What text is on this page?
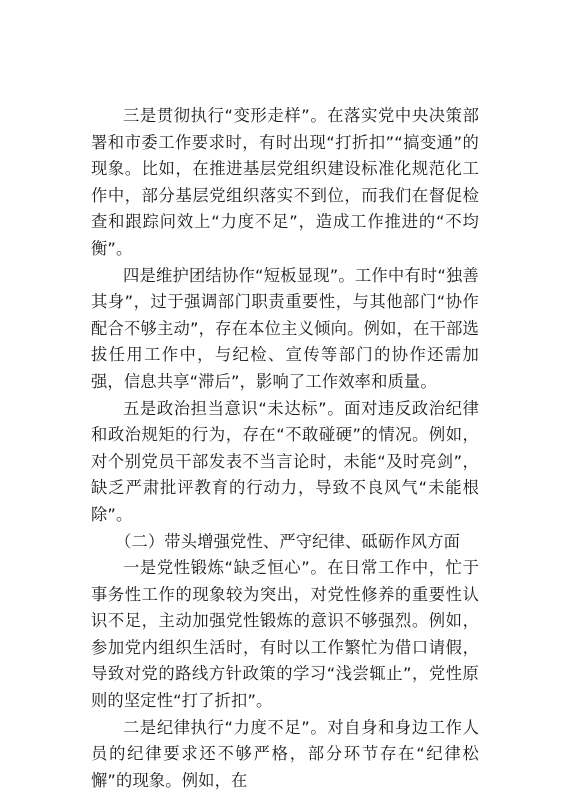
三是贯彻执行“变形走样”。在落实党中央决策部署和市委工作要求时，有时出现“打折扣”“搞变通”的现象。比如，在推进基层党组织建设标准化规范化工作中，部分基层党组织落实不到位，而我们在督促检查和跟踪问效上“力度不足”，造成工作推进的“不均衡”。

四是维护团结协作“短板显现”。工作中有时“独善其身”，过于强调部门职责重要性，与其他部门“协作配合不够主动”，存在本位主义倾向。例如，在干部选拔任用工作中，与纪检、宣传等部门的协作还需加强，信息共享“滞后”，影响了工作效率和质量。

五是政治担当意识“未达标”。面对违反政治纪律和政治规矩的行为，存在“不敢碰硬”的情况。例如，对个别党员干部发表不当言论时，未能“及时亮剑”，缺乏严肃批评教育的行动力，导致不良风气“未能根除”。

（二）带头增强党性、严守纪律、砥砺作风方面

一是党性锻炼“缺乏恒心”。在日常工作中，忙于事务性工作的现象较为突出，对党性修养的重要性认识不足，主动加强党性锻炼的意识不够强烈。例如，参加党内组织生活时，有时以工作繁忙为借口请假，导致对党的路线方针政策的学习“浅尝辄止”，党性原则的坚定性“打了折扣”。

二是纪律执行“力度不足”。对自身和身边工作人员的纪律要求还不够严格，部分环节存在“纪律松懈”的现象。例如，在
